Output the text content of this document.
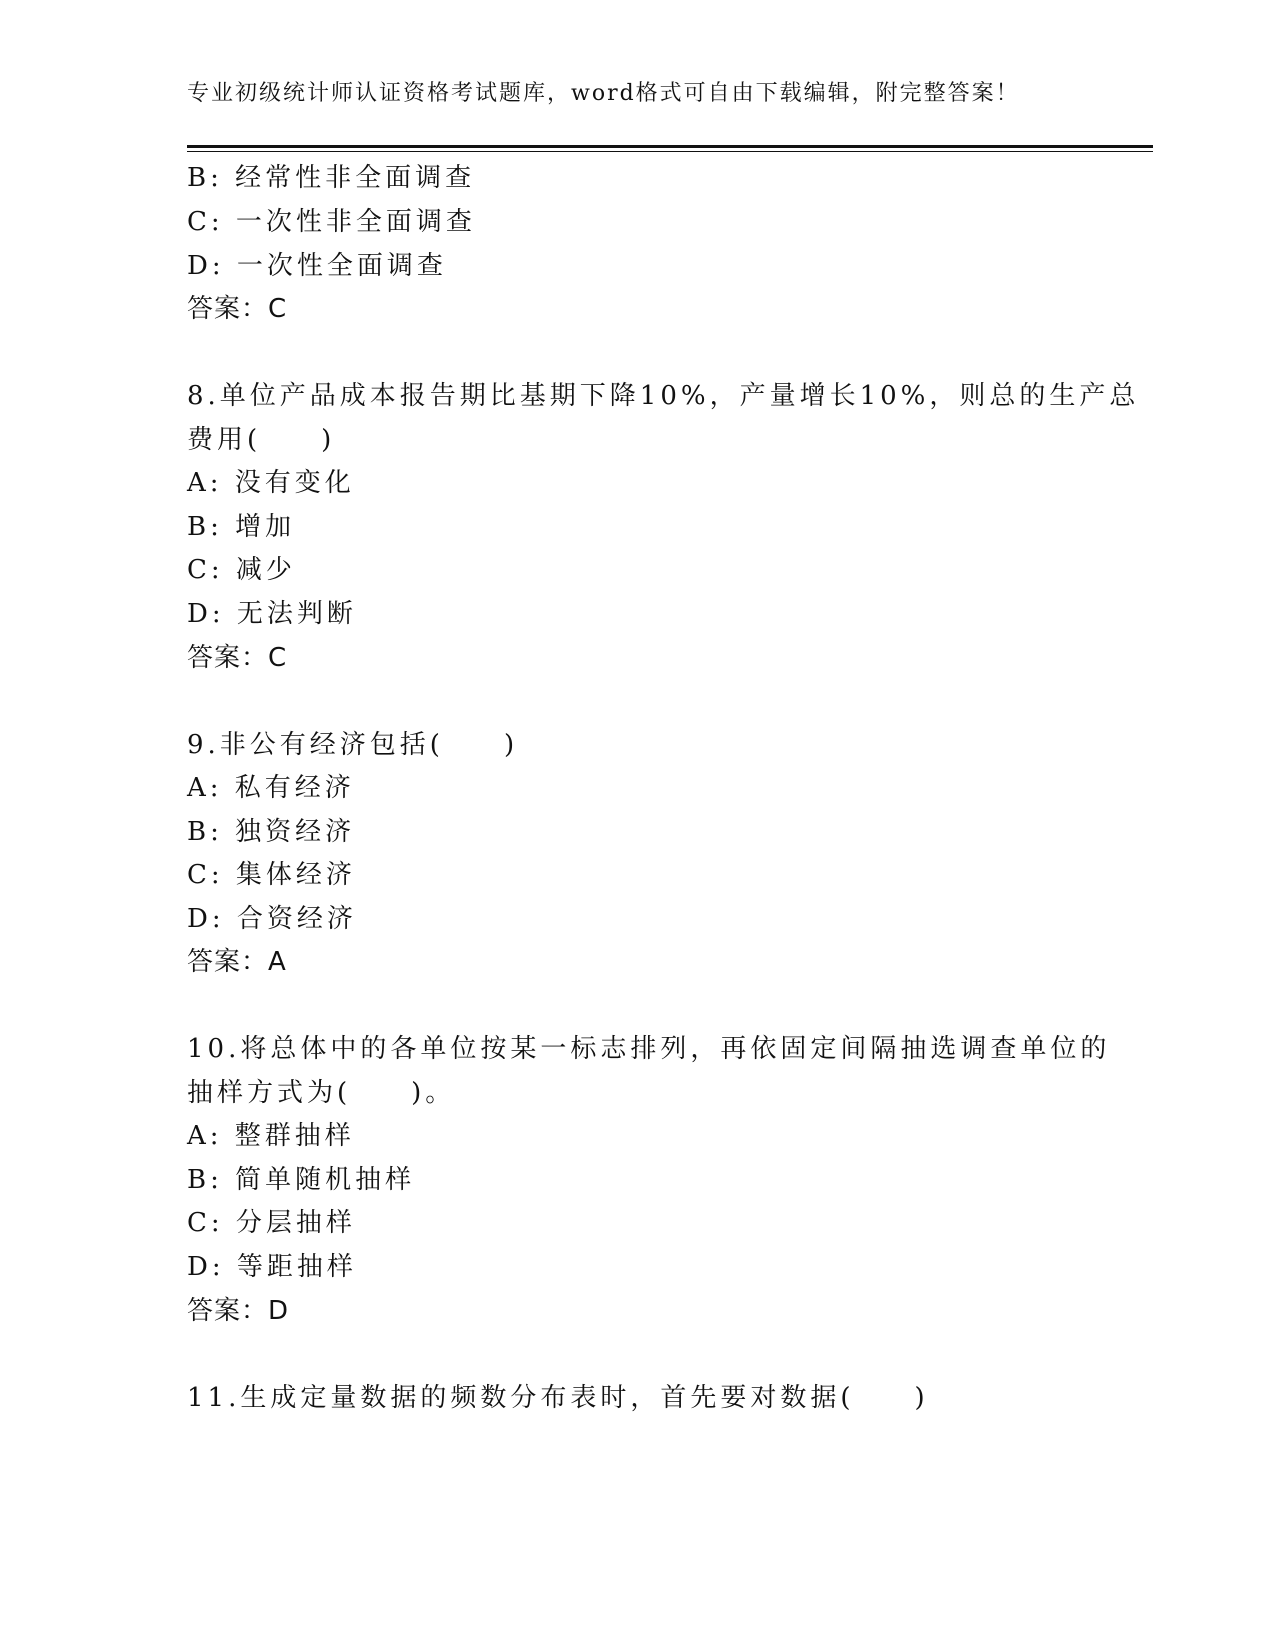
专业初级统计师认证资格考试题库，word格式可自由下载编辑，附完整答案！
B: 经常性非全面调查
C: 一次性非全面调查
D: 一次性全面调查
答案：C
8.单位产品成本报告期比基期下降10%，产量增长10%，则总的生产总
费用(　　)
A: 没有变化
B: 增加
C: 减少
D: 无法判断
答案：C
9.非公有经济包括(　　)
A: 私有经济
B: 独资经济
C: 集体经济
D: 合资经济
答案：A
10.将总体中的各单位按某一标志排列，再依固定间隔抽选调查单位的
抽样方式为(　　)。
A: 整群抽样
B: 简单随机抽样
C: 分层抽样
D: 等距抽样
答案：D
11.生成定量数据的频数分布表时，首先要对数据(　　)
